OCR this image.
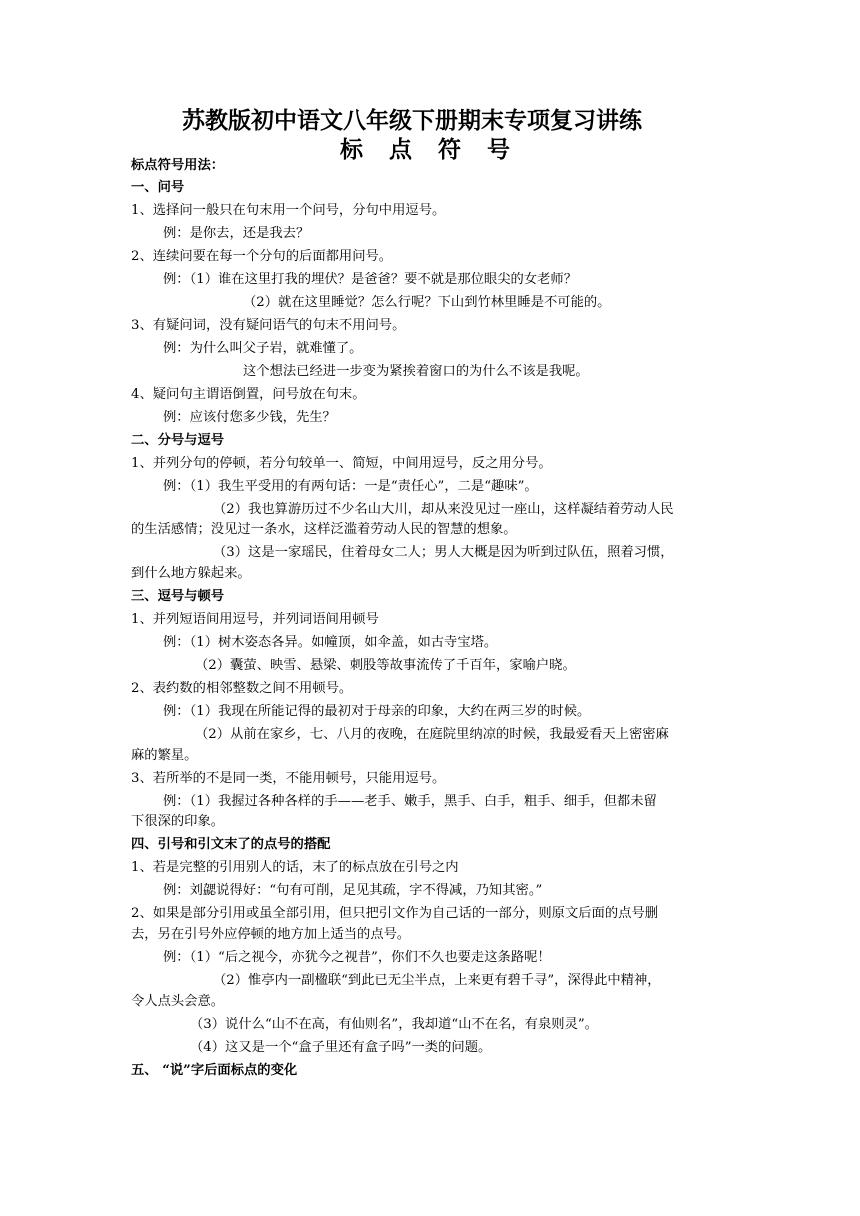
苏教版初中语文八年级下册期末专项复习讲练
标 点 符 号
标点符号用法：
一、问号
1、选择问一般只在句末用一个问号，分句中用逗号。
例：是你去，还是我去？
2、连续问要在每一个分句的后面都用问号。
例：（1）谁在这里打我的埋伏？是爸爸？要不就是那位眼尖的女老师？
（2）就在这里睡觉？怎么行呢？下山到竹林里睡是不可能的。
3、有疑问词，没有疑问语气的句末不用问号。
例：为什么叫父子岩，就难懂了。
这个想法已经进一步变为紧挨着窗口的为什么不该是我呢。
4、疑问句主谓语倒置，问号放在句末。
例：应该付您多少钱，先生？
二、分号与逗号
1、并列分句的停顿，若分句较单一、简短，中间用逗号，反之用分号。
例：（1）我生平受用的有两句话：一是“责任心”，二是“趣味”。
（2）我也算游历过不少名山大川，却从来没见过一座山，这样凝结着劳动人民
的生活感情；没见过一条水，这样泛滥着劳动人民的智慧的想象。
（3）这是一家瑶民，住着母女二人；男人大概是因为听到过队伍，照着习惯，
到什么地方躲起来。
三、逗号与顿号
1、并列短语间用逗号，并列词语间用顿号
例：（1）树木姿态各异。如幢顶，如伞盖，如古寺宝塔。
（2）囊萤、映雪、悬梁、刺股等故事流传了千百年，家喻户晓。
2、表约数的相邻整数之间不用顿号。
例：（1）我现在所能记得的最初对于母亲的印象，大约在两三岁的时候。
（2）从前在家乡，七、八月的夜晚，在庭院里纳凉的时候，我最爱看天上密密麻
麻的繁星。
3、若所举的不是同一类，不能用顿号，只能用逗号。
例：（1）我握过各种各样的手——老手、嫩手，黑手、白手，粗手、细手，但都未留
下很深的印象。
四、引号和引文末了的点号的搭配
1、若是完整的引用别人的话，末了的标点放在引号之内
例：刘勰说得好：“句有可削，足见其疏，字不得减，乃知其密。”
2、如果是部分引用或虽全部引用，但只把引文作为自己话的一部分，则原文后面的点号删
去，另在引号外应停顿的地方加上适当的点号。
例：（1）“后之视今，亦犹今之视昔”，你们不久也要走这条路呢！
（2）惟亭内一副楹联“到此已无尘半点，上来更有碧千寻”，深得此中精神，
令人点头会意。
（3）说什么“山不在高，有仙则名”，我却道“山不在名，有泉则灵”。
（4）这又是一个“盒子里还有盒子吗”一类的问题。
五、 “说”字后面标点的变化
